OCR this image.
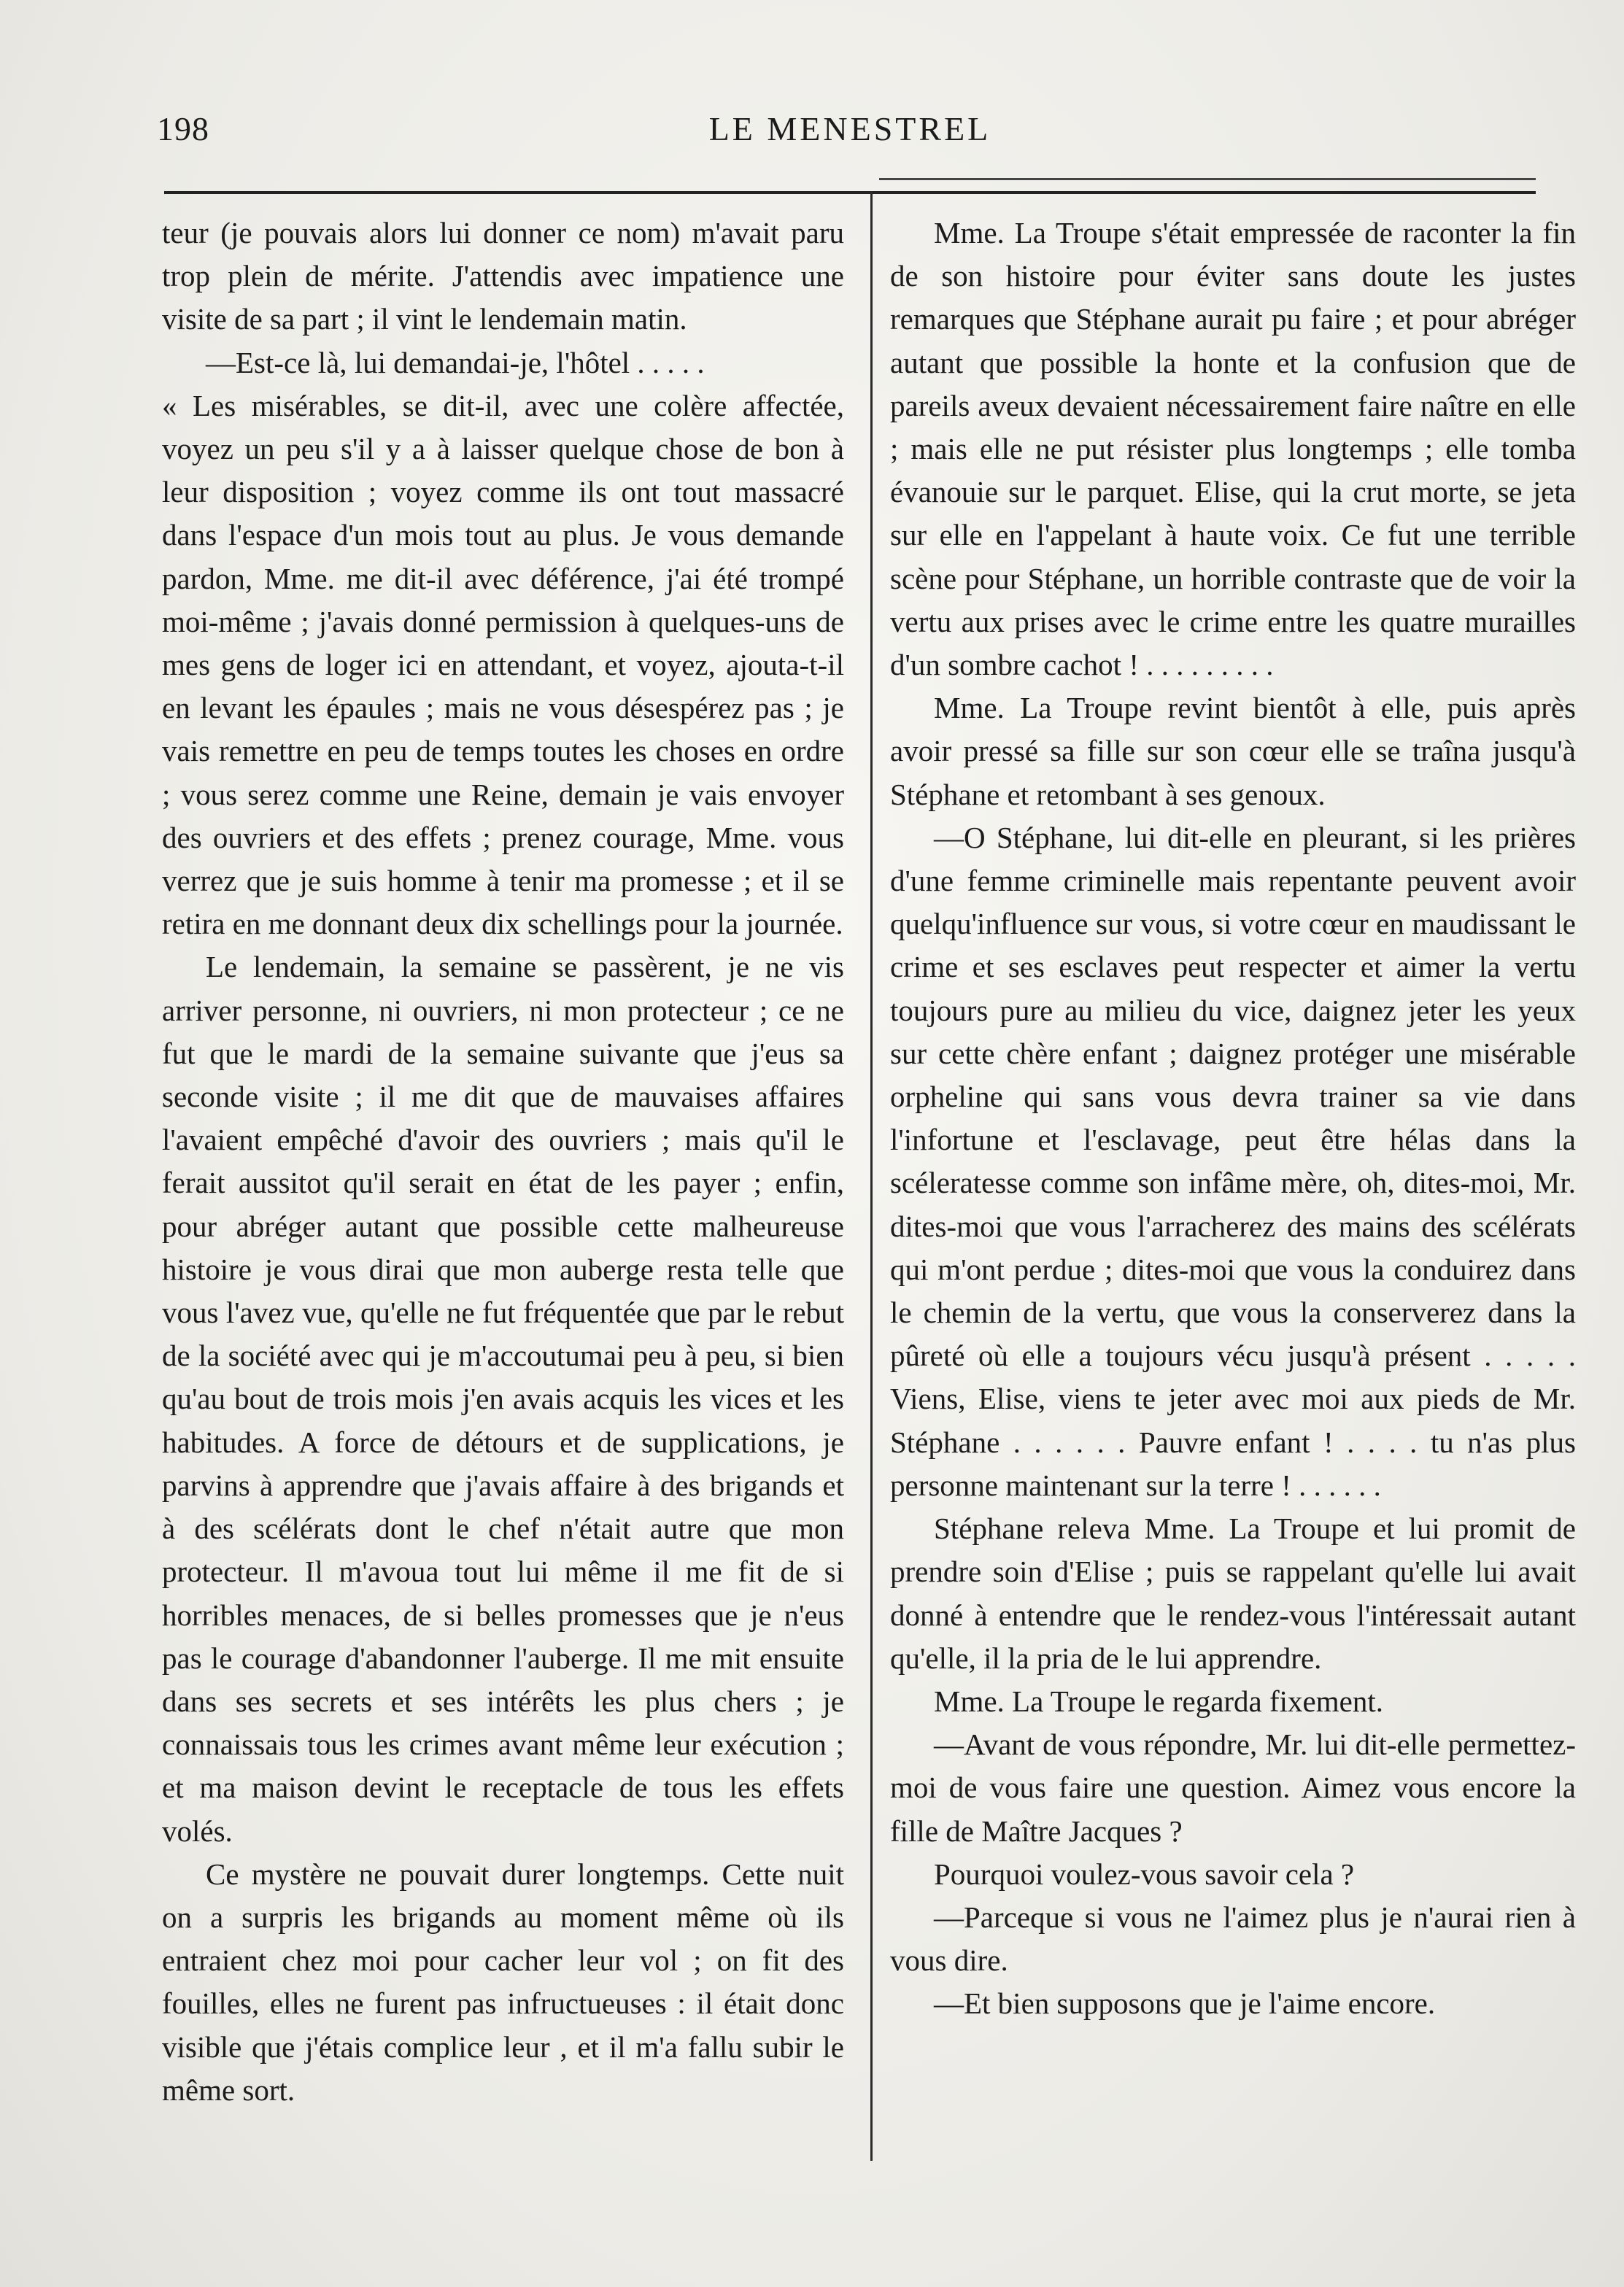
198	LE MENESTREL

teur (je pouvais alors lui donner ce nom) m'avait paru trop plein de mérite. J'attendis avec impatience une visite de sa part ; il vint le lendemain matin.

—Est-ce là, lui demandai-je, l'hôtel . . . . .

« Les misérables, se dit-il, avec une colère affectée, voyez un peu s'il y a à laisser quelque chose de bon à leur disposition ; voyez comme ils ont tout massacré dans l'espace d'un mois tout au plus. Je vous demande pardon, Mme. me dit-il avec déférence, j'ai été trompé moi-même ; j'avais donné permission à quelques-uns de mes gens de loger ici en attendant, et voyez, ajouta-t-il en levant les épaules ; mais ne vous désespérez pas ; je vais remettre en peu de temps toutes les choses en ordre ; vous serez comme une Reine, demain je vais envoyer des ouvriers et des effets ; prenez courage, Mme. vous verrez que je suis homme à tenir ma promesse ; et il se retira en me donnant deux dix schellings pour la journée.

Le lendemain, la semaine se passèrent, je ne vis arriver personne, ni ouvriers, ni mon protecteur ; ce ne fut que le mardi de la semaine suivante que j'eus sa seconde visite ; il me dit que de mauvaises affaires l'avaient empêché d'avoir des ouvriers ; mais qu'il le ferait aussitot qu'il serait en état de les payer ; enfin, pour abréger autant que possible cette malheureuse histoire je vous dirai que mon auberge resta telle que vous l'avez vue, qu'elle ne fut fréquentée que par le rebut de la société avec qui je m'accoutumai peu à peu, si bien qu'au bout de trois mois j'en avais acquis les vices et les habitudes. A force de détours et de supplications, je parvins à apprendre que j'avais affaire à des brigands et à des scélérats dont le chef n'était autre que mon protecteur. Il m'avoua tout lui même il me fit de si horribles menaces, de si belles promesses que je n'eus pas le courage d'abandonner l'auberge. Il me mit ensuite dans ses secrets et ses intérêts les plus chers ; je connaissais tous les crimes avant même leur exécution ; et ma maison devint le receptacle de tous les effets volés.

Ce mystère ne pouvait durer longtemps. Cette nuit on a surpris les brigands au moment même où ils entraient chez moi pour cacher leur vol ; on fit des fouilles, elles ne furent pas infructueuses : il était donc visible que j'étais complice leur , et il m'a fallu subir le même sort.

Mme. La Troupe s'était empressée de raconter la fin de son histoire pour éviter sans doute les justes remarques que Stéphane aurait pu faire ; et pour abréger autant que possible la honte et la confusion que de pareils aveux devaient nécessairement faire naître en elle ; mais elle ne put résister plus longtemps ; elle tomba évanouie sur le parquet. Elise, qui la crut morte, se jeta sur elle en l'appelant à haute voix. Ce fut une terrible scène pour Stéphane, un horrible contraste que de voir la vertu aux prises avec le crime entre les quatre murailles d'un sombre cachot ! . . . . . . . . .

Mme. La Troupe revint bientôt à elle, puis après avoir pressé sa fille sur son cœur elle se traîna jusqu'à Stéphane et retombant à ses genoux.

—O Stéphane, lui dit-elle en pleurant, si les prières d'une femme criminelle mais repentante peuvent avoir quelqu'influence sur vous, si votre cœur en maudissant le crime et ses esclaves peut respecter et aimer la vertu toujours pure au milieu du vice, daignez jeter les yeux sur cette chère enfant ; daignez protéger une misérable orpheline qui sans vous devra trainer sa vie dans l'infortune et l'esclavage, peut être hélas dans la scéleratesse comme son infâme mère, oh, dites-moi, Mr. dites-moi que vous l'arracherez des mains des scélérats qui m'ont perdue ; dites-moi que vous la conduirez dans le chemin de la vertu, que vous la conserverez dans la pûreté où elle a toujours vécu jusqu'à présent . . . . . Viens, Elise, viens te jeter avec moi aux pieds de Mr. Stéphane . . . . . . Pauvre enfant ! . . . . tu n'as plus personne maintenant sur la terre ! . . . . . .

Stéphane releva Mme. La Troupe et lui promit de prendre soin d'Elise ; puis se rappelant qu'elle lui avait donné à entendre que le rendez-vous l'intéressait autant qu'elle, il la pria de le lui apprendre.

Mme. La Troupe le regarda fixement.

—Avant de vous répondre, Mr. lui dit-elle permettez-moi de vous faire une question. Aimez vous encore la fille de Maître Jacques ?

Pourquoi voulez-vous savoir cela ?

—Parceque si vous ne l'aimez plus je n'aurai rien à vous dire.

—Et bien supposons que je l'aime encore.
